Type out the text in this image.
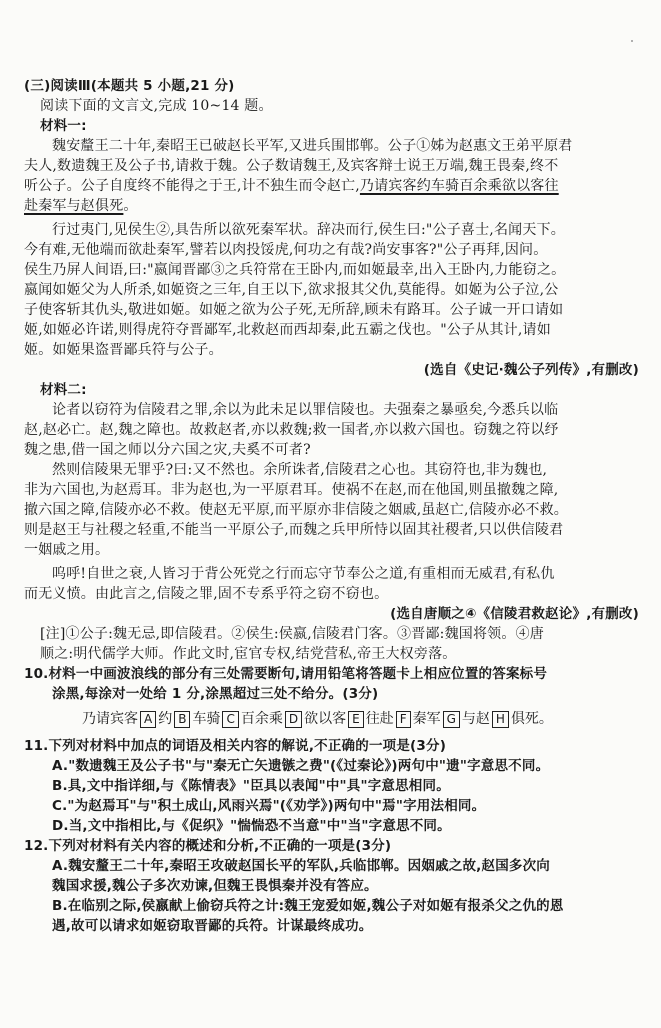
(三)阅读Ⅲ(本题共 5 小题,21 分)
阅读下面的文言文,完成 10~14 题。
材料一:
魏安釐王二十年,秦昭王已破赵长平军,又进兵围邯郸。公子①姊为赵惠文王弟平原君
夫人,数遗魏王及公子书,请救于魏。公子数请魏王,及宾客辩士说王万端,魏王畏秦,终不
听公子。公子自度终不能得之于王,计不独生而令赵亡,乃请宾客约车骑百余乘欲以客往
赴秦军与赵俱死。
行过夷门,见侯生②,具告所以欲死秦军状。辞决而行,侯生曰:"公子喜士,名闻天下。
今有难,无他端而欲赴秦军,譬若以肉投馁虎,何功之有哉?尚安事客?"公子再拜,因问。
侯生乃屏人间语,曰:"嬴闻晋鄙③之兵符常在王卧内,而如姬最幸,出入王卧内,力能窃之。
嬴闻如姬父为人所杀,如姬资之三年,自王以下,欲求报其父仇,莫能得。如姬为公子泣,公
子使客斩其仇头,敬进如姬。如姬之欲为公子死,无所辞,顾未有路耳。公子诚一开口请如
姬,如姬必许诺,则得虎符夺晋鄙军,北救赵而西却秦,此五霸之伐也。"公子从其计,请如
姬。如姬果盗晋鄙兵符与公子。
(选自《史记·魏公子列传》,有删改)
材料二:
论者以窃符为信陵君之罪,余以为此未足以罪信陵也。夫强秦之暴亟矣,今悉兵以临
赵,赵必亡。赵,魏之障也。故救赵者,亦以救魏;救一国者,亦以救六国也。窃魏之符以纾
魏之患,借一国之师以分六国之灾,夫奚不可者?
然则信陵果无罪乎?曰:又不然也。余所诛者,信陵君之心也。其窃符也,非为魏也,
非为六国也,为赵焉耳。非为赵也,为一平原君耳。使祸不在赵,而在他国,则虽撤魏之障,
撤六国之障,信陵亦必不救。使赵无平原,而平原亦非信陵之姻戚,虽赵亡,信陵亦必不救。
则是赵王与社稷之轻重,不能当一平原公子,而魏之兵甲所恃以固其社稷者,只以供信陵君
一姻戚之用。
呜呼!自世之衰,人皆习于背公死党之行而忘守节奉公之道,有重相而无威君,有私仇
而无义愤。由此言之,信陵之罪,固不专系乎符之窃不窃也。
(选自唐顺之④《信陵君救赵论》,有删改)
[注]①公子:魏无忌,即信陵君。②侯生:侯嬴,信陵君门客。③晋鄙:魏国将领。④唐
顺之:明代儒学大师。作此文时,宦官专权,结党营私,帝王大权旁落。
10.材料一中画波浪线的部分有三处需要断句,请用铅笔将答题卡上相应位置的答案标号
涂黑,每涂对一处给 1 分,涂黑超过三处不给分。(3分)
乃请宾客 A 约 B 车骑 C 百余乘 D 欲以客 E 往赴 F 秦军 G 与赵 H 俱死。
11.下列对材料中加点的词语及相关内容的解说,不正确的一项是(3分)
A."数遗魏王及公子书"与"秦无亡矢遗镞之费"(《过秦论》)两句中"遗"字意思不同。
B.具,文中指详细,与《陈情表》"臣具以表闻"中"具"字意思相同。
C."为赵焉耳"与"积土成山,风雨兴焉"(《劝学》)两句中"焉"字用法相同。
D.当,文中指相比,与《促织》"惴惴恐不当意"中"当"字意思不同。
12.下列对材料有关内容的概述和分析,不正确的一项是(3分)
A.魏安釐王二十年,秦昭王攻破赵国长平的军队,兵临邯郸。因姻戚之故,赵国多次向
魏国求援,魏公子多次劝谏,但魏王畏惧秦并没有答应。
B.在临别之际,侯嬴献上偷窃兵符之计:魏王宠爱如姬,魏公子对如姬有报杀父之仇的恩
遇,故可以请求如姬窃取晋鄙的兵符。计谋最终成功。
